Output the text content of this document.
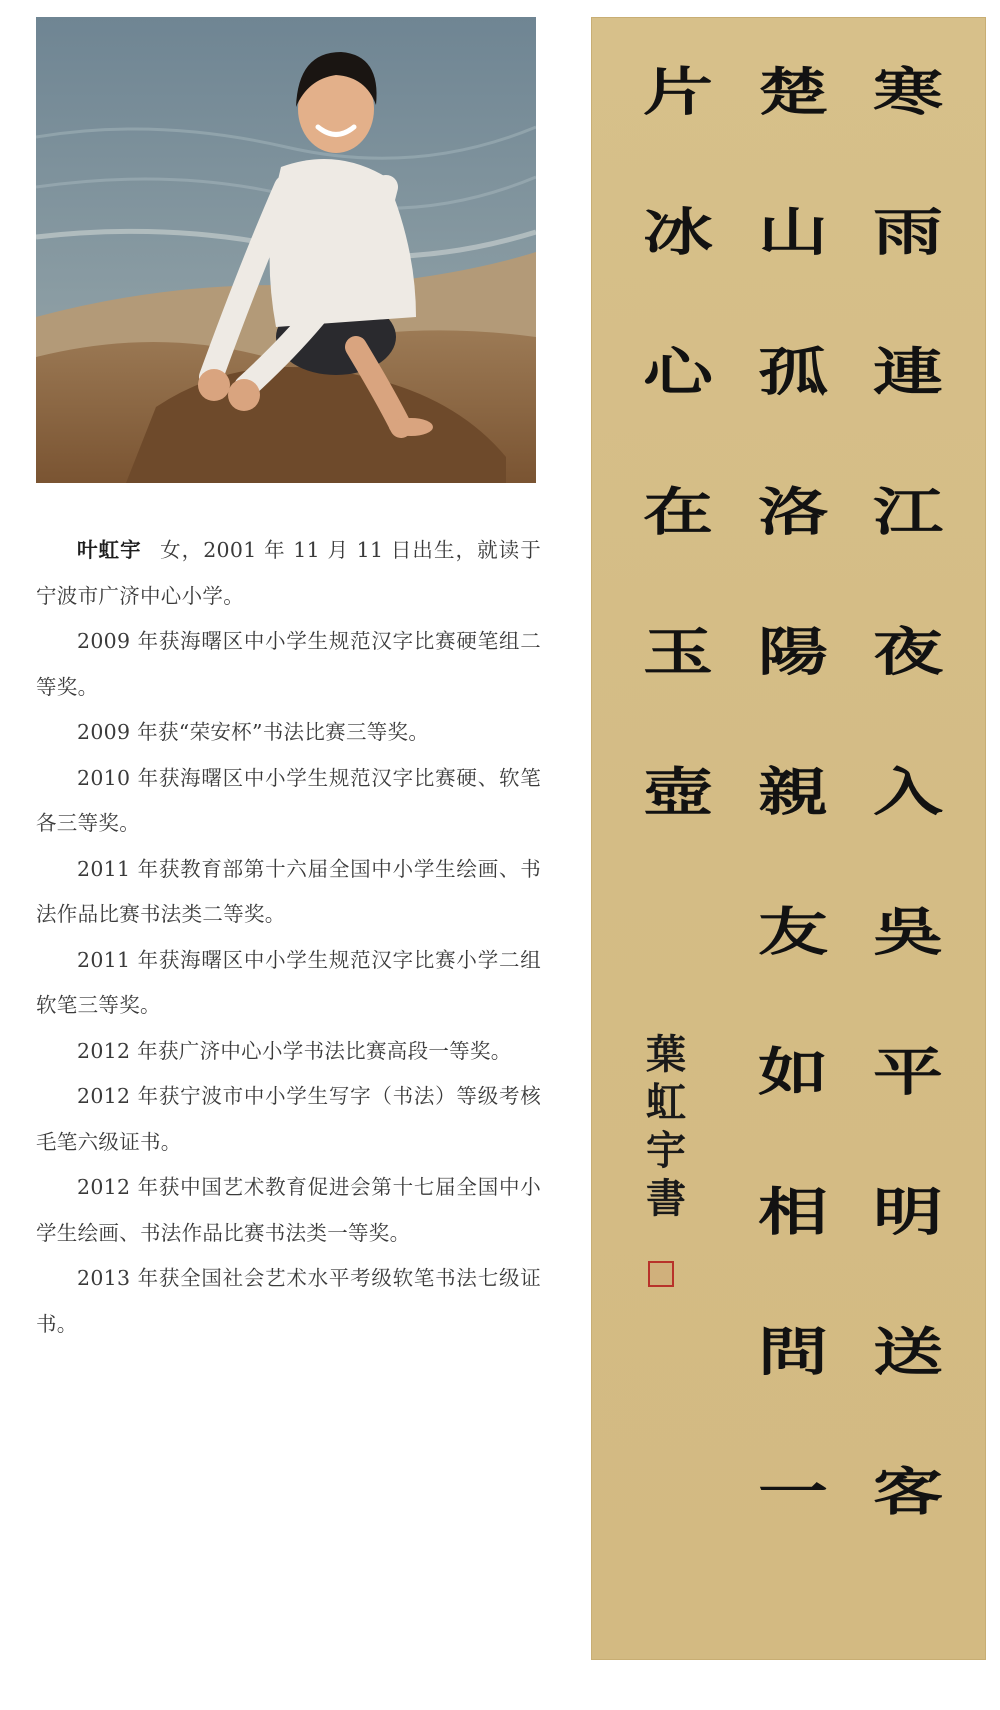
叶虹宇 女，2001 年 11 月 11 日出生，就读于宁波市广济中心小学。

2009 年获海曙区中小学生规范汉字比赛硬笔组二等奖。

2009 年获“荣安杯”书法比赛三等奖。

2010 年获海曙区中小学生规范汉字比赛硬、软笔各三等奖。

2011 年获教育部第十六届全国中小学生绘画、书法作品比赛书法类二等奖。

2011 年获海曙区中小学生规范汉字比赛小学二组软笔三等奖。

2012 年获广济中心小学书法比赛高段一等奖。

2012 年获宁波市中小学生写字（书法）等级考核毛笔六级证书。

2012 年获中国艺术教育促进会第十七届全国中小学生绘画、书法作品比赛书法类一等奖。

2013 年获全国社会艺术水平考级软笔书法七级证书。

寒
雨
連
江
夜
入
吳
平
明
送
客
楚
山
孤
洛
陽
親
友
如
相
問
一
片
冰
心
在
玉
壺
葉
虹
宇
書
